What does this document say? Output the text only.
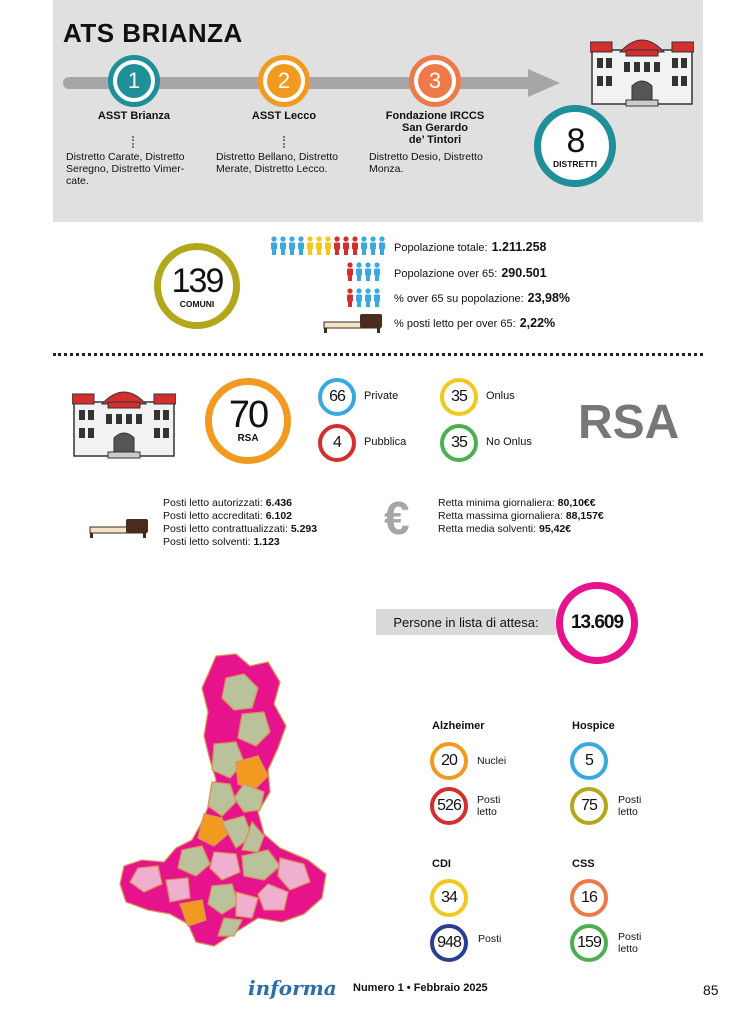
ATS BRIANZA
1
ASST Brianza
Distretto Carate, Distretto
Seregno, Distretto Vimer-
cate.
2
ASST Lecco
Distretto Bellano, Distretto
Merate, Distretto Lecco.
3
Fondazione IRCCS
San Gerardo
de’ Tintori
Distretto Desio, Distretto
Monza.
8
DISTRETTI
139
COMUNI
Popolazione totale: 1.211.258
Popolazione over 65: 290.501
% over 65 su popolazione: 23,98%
% posti letto per over 65: 2,22%
70
RSA
66	Private
4	Pubblica
35	Onlus
35	No Onlus RSA
Posti letto autorizzati: 6.436
Posti letto accreditati: 6.102
Posti letto contrattualizzati: 5.293
Posti letto solventi: 1.123	€	Retta minima giornaliera: 80,10€€
Retta massima giornaliera: 88,157€
Retta media solventi: 95,42€
Persone in lista di attesa:	13.609
Alzheimer
20	Nuclei
526	Posti
letto
Hospice
5
75	Posti
letto
CDI
34
948	Posti
CSS
16
159	Posti
letto
informa Numero 1 • Febbraio 2025	85
